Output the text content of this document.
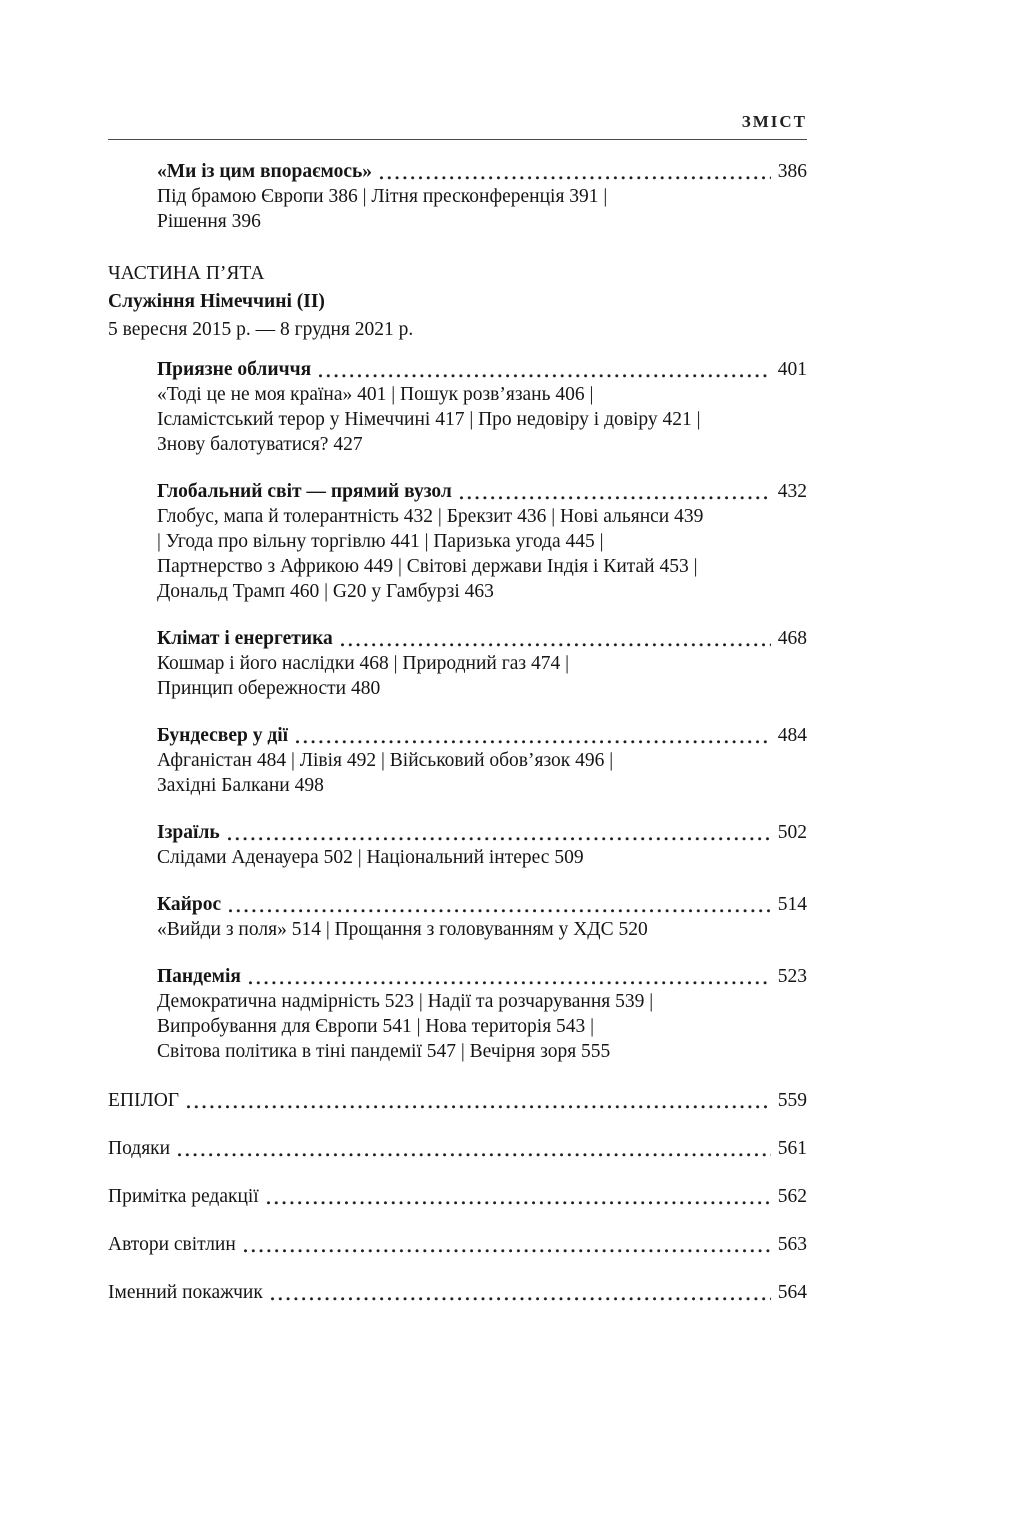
ЗМІСТ
«Ми із цим впораємось»	386
Під брамою Європи 386 | Літня пресконференція 391 |
Рішення 396
ЧАСТИНА П’ЯТА
Служіння Німеччині (II)
5 вересня 2015 р. — 8 грудня 2021 р.
Приязне обличчя	401
«Тоді це не моя країна» 401 | Пошук розв’язань 406 |
Ісламістський терор у Німеччині 417 | Про недовіру і довіру 421 |
Знову балотуватися? 427
Глобальний світ — прямий вузол	432
Глобус, мапа й толерантність 432 | Брекзит 436 | Нові альянси 439
| Угода про вільну торгівлю 441 | Паризька угода 445 |
Партнерство з Африкою 449 | Світові держави Індія і Китай 453 |
Дональд Трамп 460 | G20 у Гамбурзі 463
Клімат і енергетика	468
Кошмар і його наслідки 468 | Природний газ 474 |
Принцип обережности 480
Бундесвер у дії	484
Афганістан 484 | Лівія 492 | Військовий обов’язок 496 |
Західні Балкани 498
Ізраїль	502
Слідами Аденауера 502 | Національний інтерес 509
Кайрос	514
«Вийди з поля» 514 | Прощання з головуванням у ХДС 520
Пандемія	523
Демократична надмірність 523 | Надії та розчарування 539 |
Випробування для Європи 541 | Нова територія 543 |
Світова політика в тіні пандемії 547 | Вечірня зоря 555
ЕПІЛОГ	559
Подяки	561
Примітка редакції	562
Автори світлин	563
Іменний покажчик	564
